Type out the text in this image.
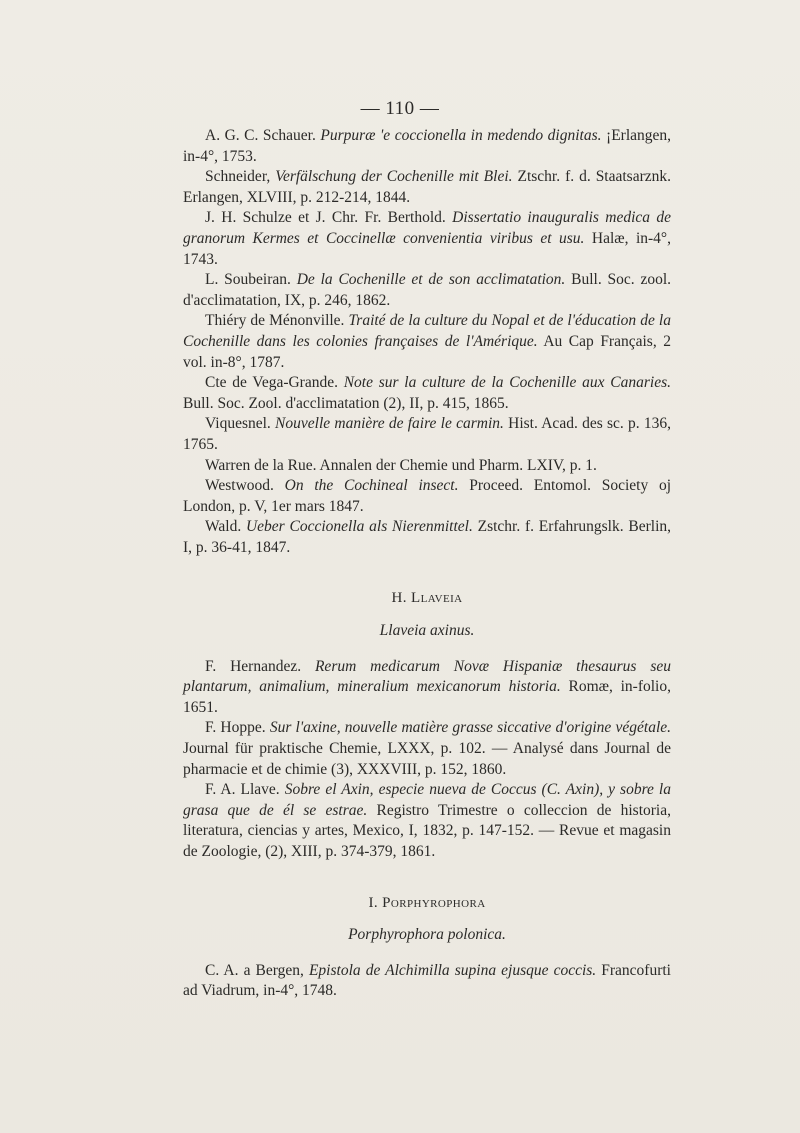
— 110 —

A. G. C. Schauer. Purpuræ 'e coccionella in medendo dignitas. ¡Erlangen, in-4°, 1753.

Schneider, Verfälschung der Cochenille mit Blei. Ztschr. f. d. Staatsarznk. Erlangen, XLVIII, p. 212-214, 1844.

J. H. Schulze et J. Chr. Fr. Berthold. Dissertatio inauguralis medica de granorum Kermes et Coccinellæ convenientia viribus et usu. Halæ, in-4°, 1743.

L. Soubeiran. De la Cochenille et de son acclimatation. Bull. Soc. zool. d'acclimatation, IX, p. 246, 1862.

Thiéry de Ménonville. Traité de la culture du Nopal et de l'éducation de la Cochenille dans les colonies françaises de l'Amérique. Au Cap Français, 2 vol. in-8°, 1787.

Cte de Vega-Grande. Note sur la culture de la Cochenille aux Canaries. Bull. Soc. Zool. d'acclimatation (2), II, p. 415, 1865.

Viquesnel. Nouvelle manière de faire le carmin. Hist. Acad. des sc. p. 136, 1765.

Warren de la Rue. Annalen der Chemie und Pharm. LXIV, p. 1.

Westwood. On the Cochineal insect. Proceed. Entomol. Society oj London, p. V, 1er mars 1847.

Wald. Ueber Coccionella als Nierenmittel. Zstchr. f. Erfahrungslk. Berlin, I, p. 36-41, 1847.

H. Llaveia
Llaveia axinus.

F. Hernandez. Rerum medicarum Novæ Hispaniæ thesaurus seu plantarum, animalium, mineralium mexicanorum historia. Romæ, in-folio, 1651.

F. Hoppe. Sur l'axine, nouvelle matière grasse siccative d'origine végétale. Journal für praktische Chemie, LXXX, p. 102. — Analysé dans Journal de pharmacie et de chimie (3), XXXVIII, p. 152, 1860.

F. A. Llave. Sobre el Axin, especie nueva de Coccus (C. Axin), y sobre la grasa que de él se estrae. Registro Trimestre o colleccion de historia, literatura, ciencias y artes, Mexico, I, 1832, p. 147-152. — Revue et magasin de Zoologie, (2), XIII, p. 374-379, 1861.

I. Porphyrophora
Porphyrophora polonica.

C. A. a Bergen, Epistola de Alchimilla supina ejusque coccis. Francofurti ad Viadrum, in-4°, 1748.
